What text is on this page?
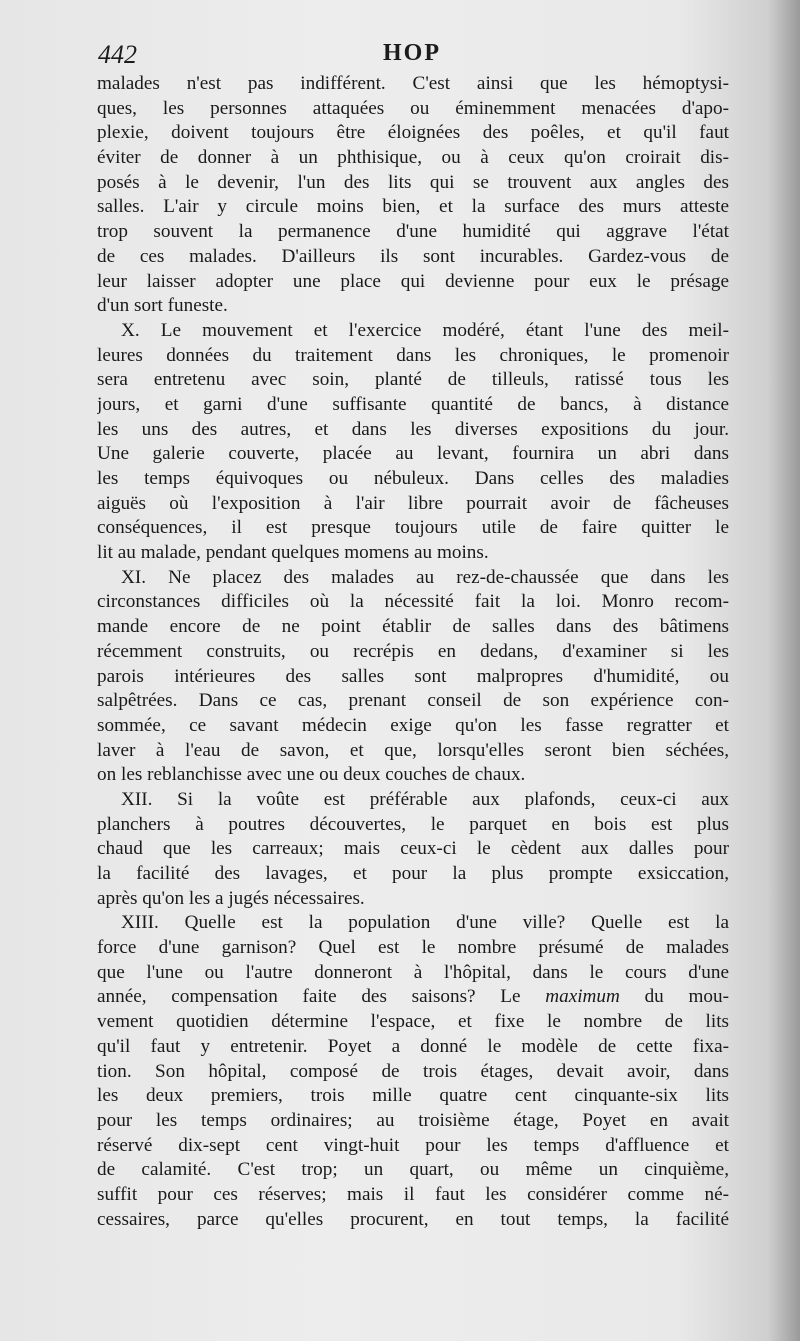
442	HOP
malades n'est pas indifférent. C'est ainsi que les hémoptysi-
ques, les personnes attaquées ou éminemment menacées d'apo-
plexie, doivent toujours être éloignées des poêles, et qu'il faut
éviter de donner à un phthisique, ou à ceux qu'on croirait dis-
posés à le devenir, l'un des lits qui se trouvent aux angles des
salles. L'air y circule moins bien, et la surface des murs atteste
trop souvent la permanence d'une humidité qui aggrave l'état
de ces malades. D'ailleurs ils sont incurables. Gardez-vous de
leur laisser adopter une place qui devienne pour eux le présage
d'un sort funeste.
X. Le mouvement et l'exercice modéré, étant l'une des meil-
leures données du traitement dans les chroniques, le promenoir
sera entretenu avec soin, planté de tilleuls, ratissé tous les
jours, et garni d'une suffisante quantité de bancs, à distance
les uns des autres, et dans les diverses expositions du jour.
Une galerie couverte, placée au levant, fournira un abri dans
les temps équivoques ou nébuleux. Dans celles des maladies
aiguës où l'exposition à l'air libre pourrait avoir de fâcheuses
conséquences, il est presque toujours utile de faire quitter le
lit au malade, pendant quelques momens au moins.
XI. Ne placez des malades au rez-de-chaussée que dans les
circonstances difficiles où la nécessité fait la loi. Monro recom-
mande encore de ne point établir de salles dans des bâtimens
récemment construits, ou recrépis en dedans, d'examiner si les
parois intérieures des salles sont malpropres d'humidité, ou
salpêtrées. Dans ce cas, prenant conseil de son expérience con-
sommée, ce savant médecin exige qu'on les fasse regratter et
laver à l'eau de savon, et que, lorsqu'elles seront bien séchées,
on les reblanchisse avec une ou deux couches de chaux.
XII. Si la voûte est préférable aux plafonds, ceux-ci aux
planchers à poutres découvertes, le parquet en bois est plus
chaud que les carreaux; mais ceux-ci le cèdent aux dalles pour
la facilité des lavages, et pour la plus prompte exsiccation,
après qu'on les a jugés nécessaires.
XIII. Quelle est la population d'une ville? Quelle est la
force d'une garnison? Quel est le nombre présumé de malades
que l'une ou l'autre donneront à l'hôpital, dans le cours d'une
année, compensation faite des saisons? Le maximum du mou-
vement quotidien détermine l'espace, et fixe le nombre de lits
qu'il faut y entretenir. Poyet a donné le modèle de cette fixa-
tion. Son hôpital, composé de trois étages, devait avoir, dans
les deux premiers, trois mille quatre cent cinquante-six lits
pour les temps ordinaires; au troisième étage, Poyet en avait
réservé dix-sept cent vingt-huit pour les temps d'affluence et
de calamité. C'est trop; un quart, ou même un cinquième,
suffit pour ces réserves; mais il faut les considérer comme né-
cessaires, parce qu'elles procurent, en tout temps, la facilité
